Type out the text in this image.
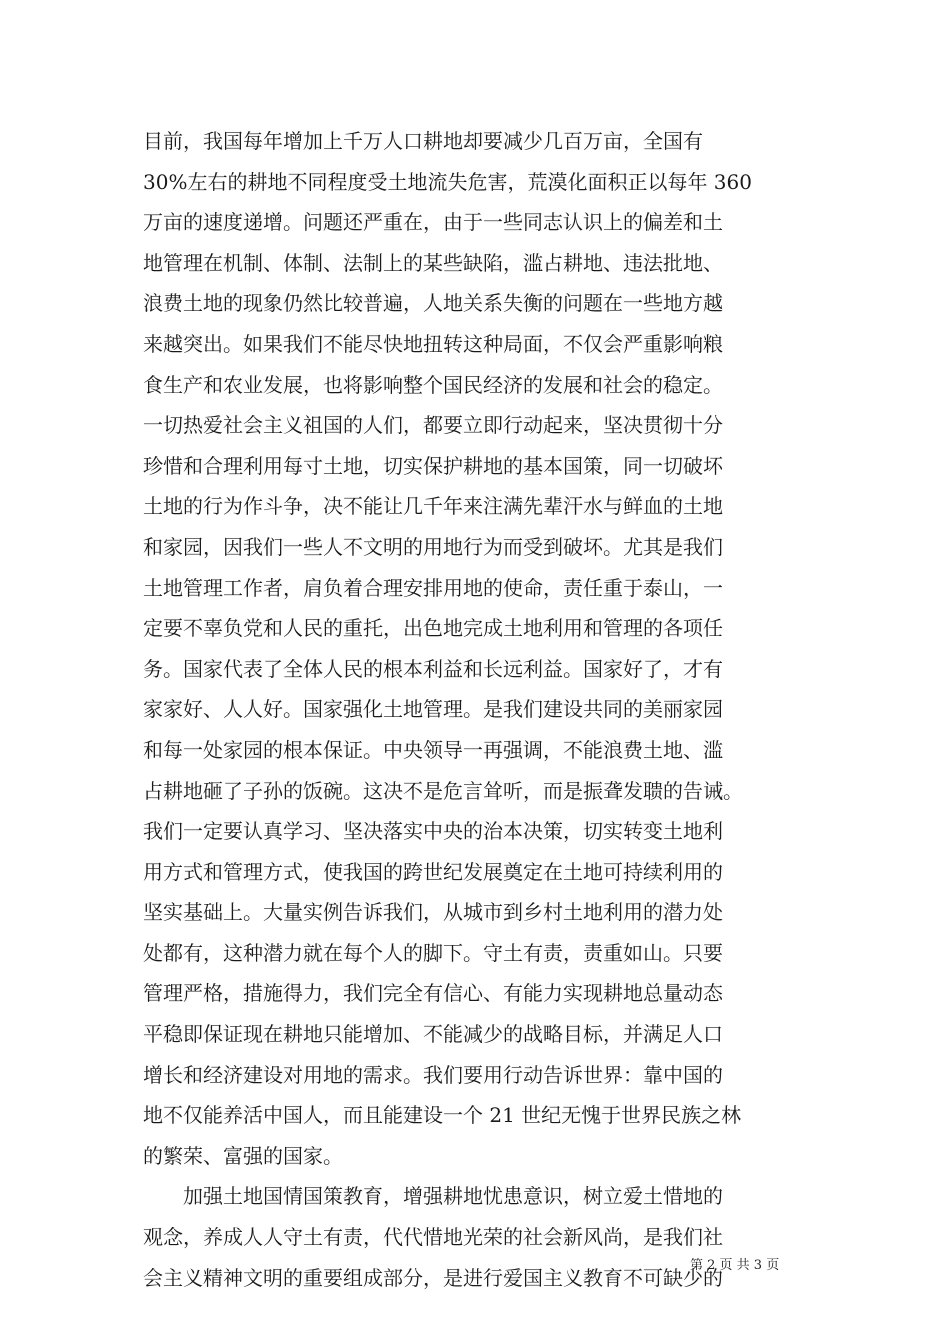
目前，我国每年增加上千万人口耕地却要减少几百万亩，全国有
30%左右的耕地不同程度受土地流失危害，荒漠化面积正以每年 360
万亩的速度递增。问题还严重在，由于一些同志认识上的偏差和土
地管理在机制、体制、法制上的某些缺陷，滥占耕地、违法批地、
浪费土地的现象仍然比较普遍，人地关系失衡的问题在一些地方越
来越突出。如果我们不能尽快地扭转这种局面，不仅会严重影响粮
食生产和农业发展，也将影响整个国民经济的发展和社会的稳定。
一切热爱社会主义祖国的人们，都要立即行动起来，坚决贯彻十分
珍惜和合理利用每寸土地，切实保护耕地的基本国策，同一切破坏
土地的行为作斗争，决不能让几千年来注满先辈汗水与鲜血的土地
和家园，因我们一些人不文明的用地行为而受到破坏。尤其是我们
土地管理工作者，肩负着合理安排用地的使命，责任重于泰山，一
定要不辜负党和人民的重托，出色地完成土地利用和管理的各项任
务。国家代表了全体人民的根本利益和长远利益。国家好了，才有
家家好、人人好。国家强化土地管理。是我们建设共同的美丽家园
和每一处家园的根本保证。中央领导一再强调，不能浪费土地、滥
占耕地砸了子孙的饭碗。这决不是危言耸听，而是振聋发聩的告诫。
我们一定要认真学习、坚决落实中央的治本决策，切实转变土地利
用方式和管理方式，使我国的跨世纪发展奠定在土地可持续利用的
坚实基础上。大量实例告诉我们，从城市到乡村土地利用的潜力处
处都有，这种潜力就在每个人的脚下。守土有责，责重如山。只要
管理严格，措施得力，我们完全有信心、有能力实现耕地总量动态
平稳即保证现在耕地只能增加、不能减少的战略目标，并满足人口
增长和经济建设对用地的需求。我们要用行动告诉世界：靠中国的
地不仅能养活中国人，而且能建设一个 21 世纪无愧于世界民族之林
的繁荣、富强的国家。
　　加强土地国情国策教育，增强耕地忧患意识，树立爱土惜地的
观念，养成人人守土有责，代代惜地光荣的社会新风尚，是我们社
会主义精神文明的重要组成部分，是进行爱国主义教育不可缺少的
第 2 页 共 3 页
